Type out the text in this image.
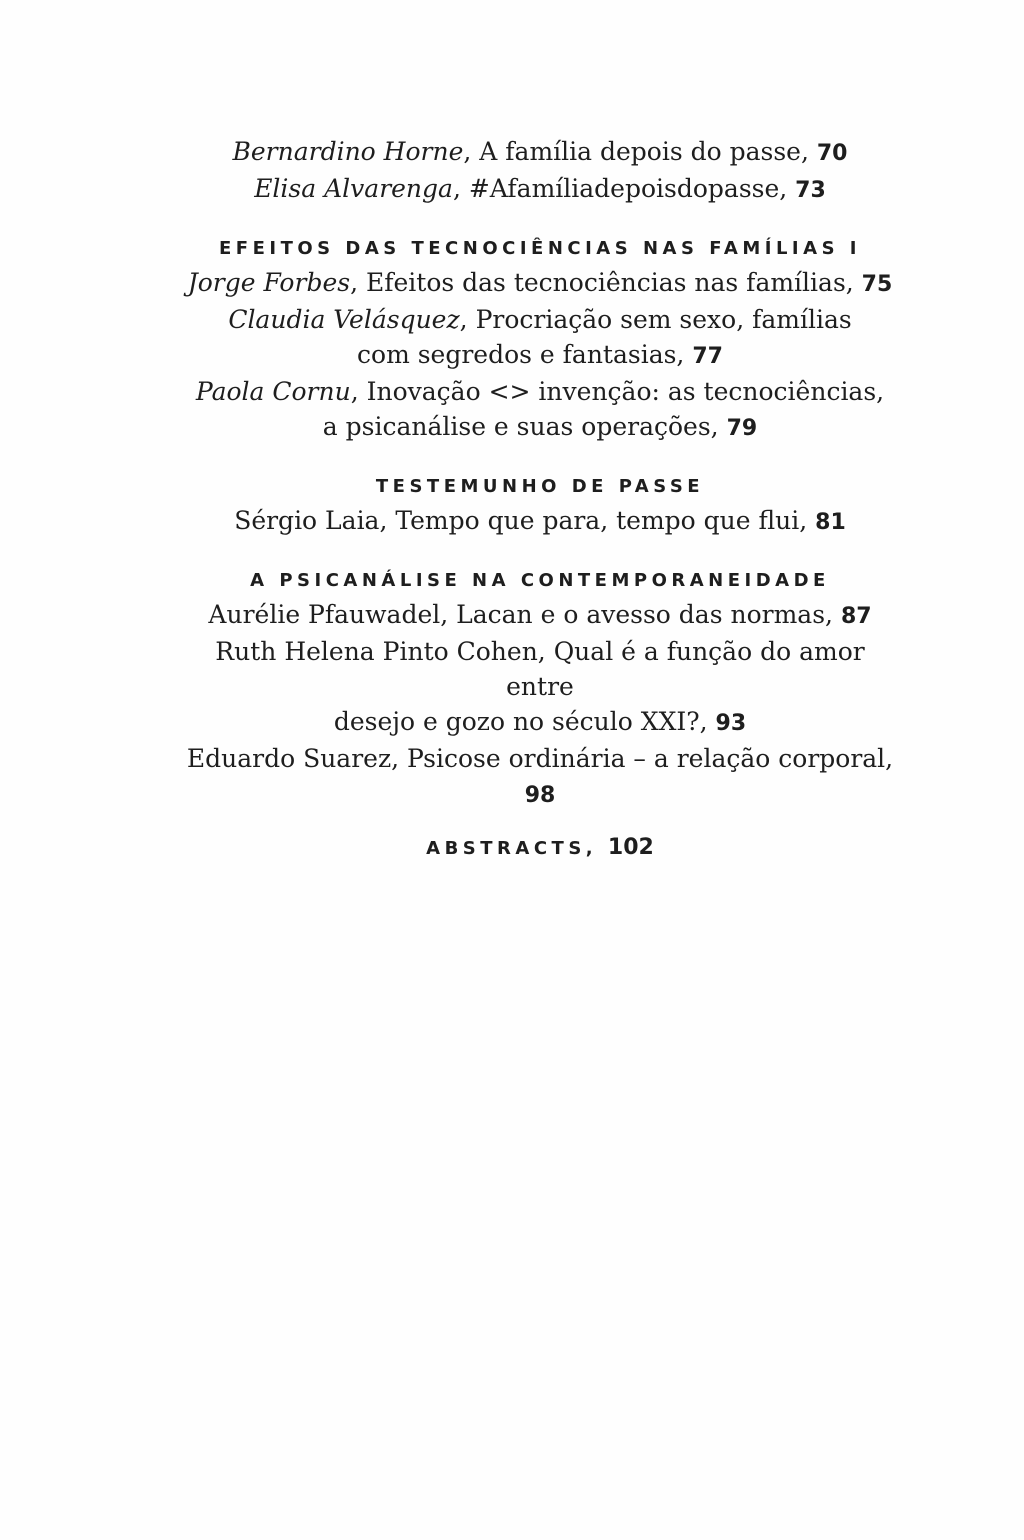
Bernardino Horne, A família depois do passe, 70

Elisa Alvarenga, #Afamíliadepoisdopasse, 73

EFEITOS DAS TECNOCIÊNCIAS NAS FAMÍLIAS I

Jorge Forbes, Efeitos das tecnociências nas famílias, 75

Claudia Velásquez, Procriação sem sexo, famílias
com segredos e fantasias, 77

Paola Cornu, Inovação <> invenção: as tecnociências,
a psicanálise e suas operações, 79

TESTEMUNHO DE PASSE

Sérgio Laia, Tempo que para, tempo que flui, 81

A PSICANÁLISE NA CONTEMPORANEIDADE

Aurélie Pfauwadel, Lacan e o avesso das normas, 87

Ruth Helena Pinto Cohen, Qual é a função do amor entre
desejo e gozo no século XXI?, 93

Eduardo Suarez, Psicose ordinária – a relação corporal, 98

ABSTRACTS, 102
